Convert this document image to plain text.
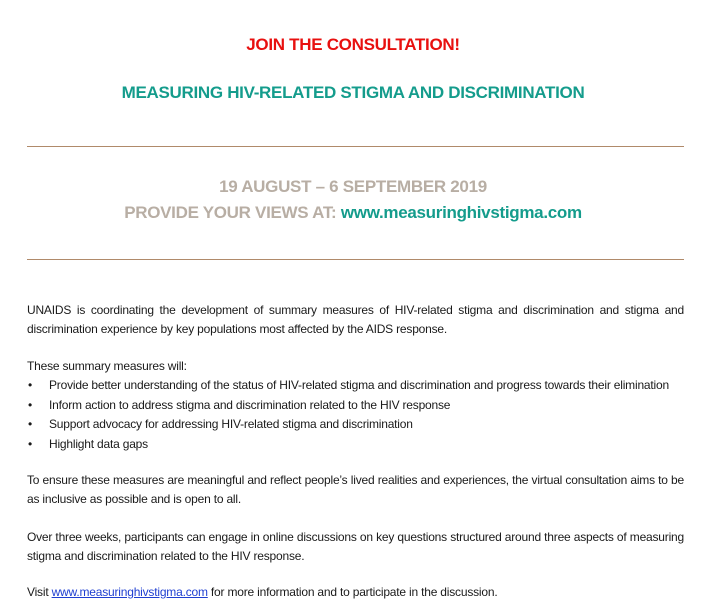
JOIN THE CONSULTATION!
MEASURING HIV-RELATED STIGMA AND DISCRIMINATION
19 AUGUST – 6 SEPTEMBER 2019
PROVIDE YOUR VIEWS AT: www.measuringhivstigma.com
UNAIDS is coordinating the development of summary measures of HIV-related stigma and discrimination and stigma and discrimination experience by key populations most affected by the AIDS response.
These summary measures will:
• Provide better understanding of the status of HIV-related stigma and discrimination and progress towards their elimination
• Inform action to address stigma and discrimination related to the HIV response
• Support advocacy for addressing HIV-related stigma and discrimination
• Highlight data gaps
To ensure these measures are meaningful and reflect people’s lived realities and experiences, the virtual consultation aims to be as inclusive as possible and is open to all.
Over three weeks, participants can engage in online discussions on key questions structured around three aspects of measuring stigma and discrimination related to the HIV response.
Visit www.measuringhivstigma.com for more information and to participate in the discussion.
